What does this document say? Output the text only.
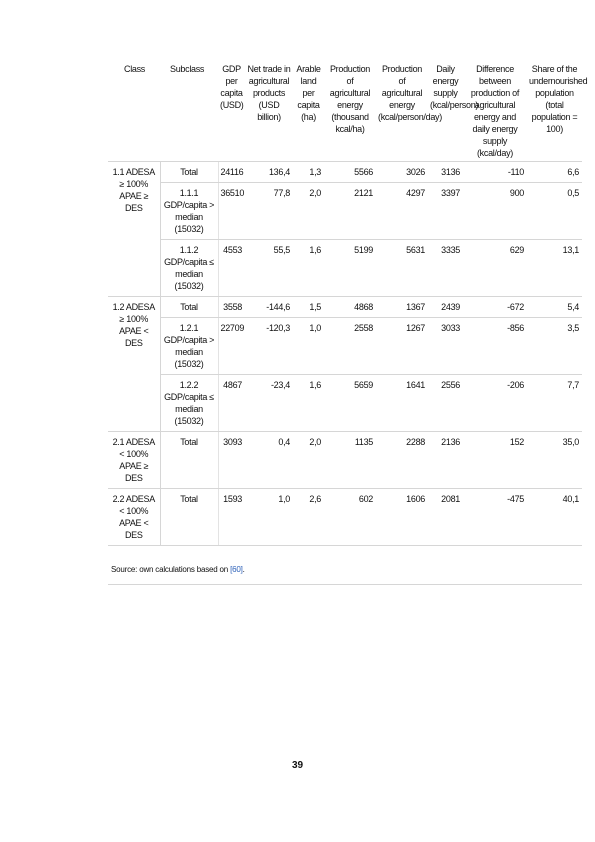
Class	Subclass	GDP per capita (USD)	Net trade in agricultural products (USD billion)	Arable land per capita (ha)	Production of agricultural energy (thousand kcal/ha)	Production of agricultural energy (kcal/person/day)	Daily energy supply (kcal/person)	Difference between production of agricultural energy and daily energy supply (kcal/day)	Share of the undernourished population (total population = 100)
1.1 ADESA ≥ 100% APAE ≥ DES	Total	24116	136,4	1,3	5566	3026	3136	-110	6,6
	1.1.1 GDP/capita > median (15032)	36510	77,8	2,0	2121	4297	3397	900	0,5
	1.1.2 GDP/capita ≤ median (15032)	4553	55,5	1,6	5199	5631	3335	629	13,1
1.2 ADESA ≥ 100% APAE < DES	Total	3558	-144,6	1,5	4868	1367	2439	-672	5,4
	1.2.1 GDP/capita > median (15032)	22709	-120,3	1,0	2558	1267	3033	-856	3,5
	1.2.2 GDP/capita ≤ median (15032)	4867	-23,4	1,6	5659	1641	2556	-206	7,7
2.1 ADESA < 100% APAE ≥ DES	Total	3093	0,4	2,0	1135	2288	2136	152	35,0
2.2 ADESA < 100% APAE < DES	Total	1593	1,0	2,6	602	1606	2081	-475	40,1
Source: own calculations based on [60].
39
